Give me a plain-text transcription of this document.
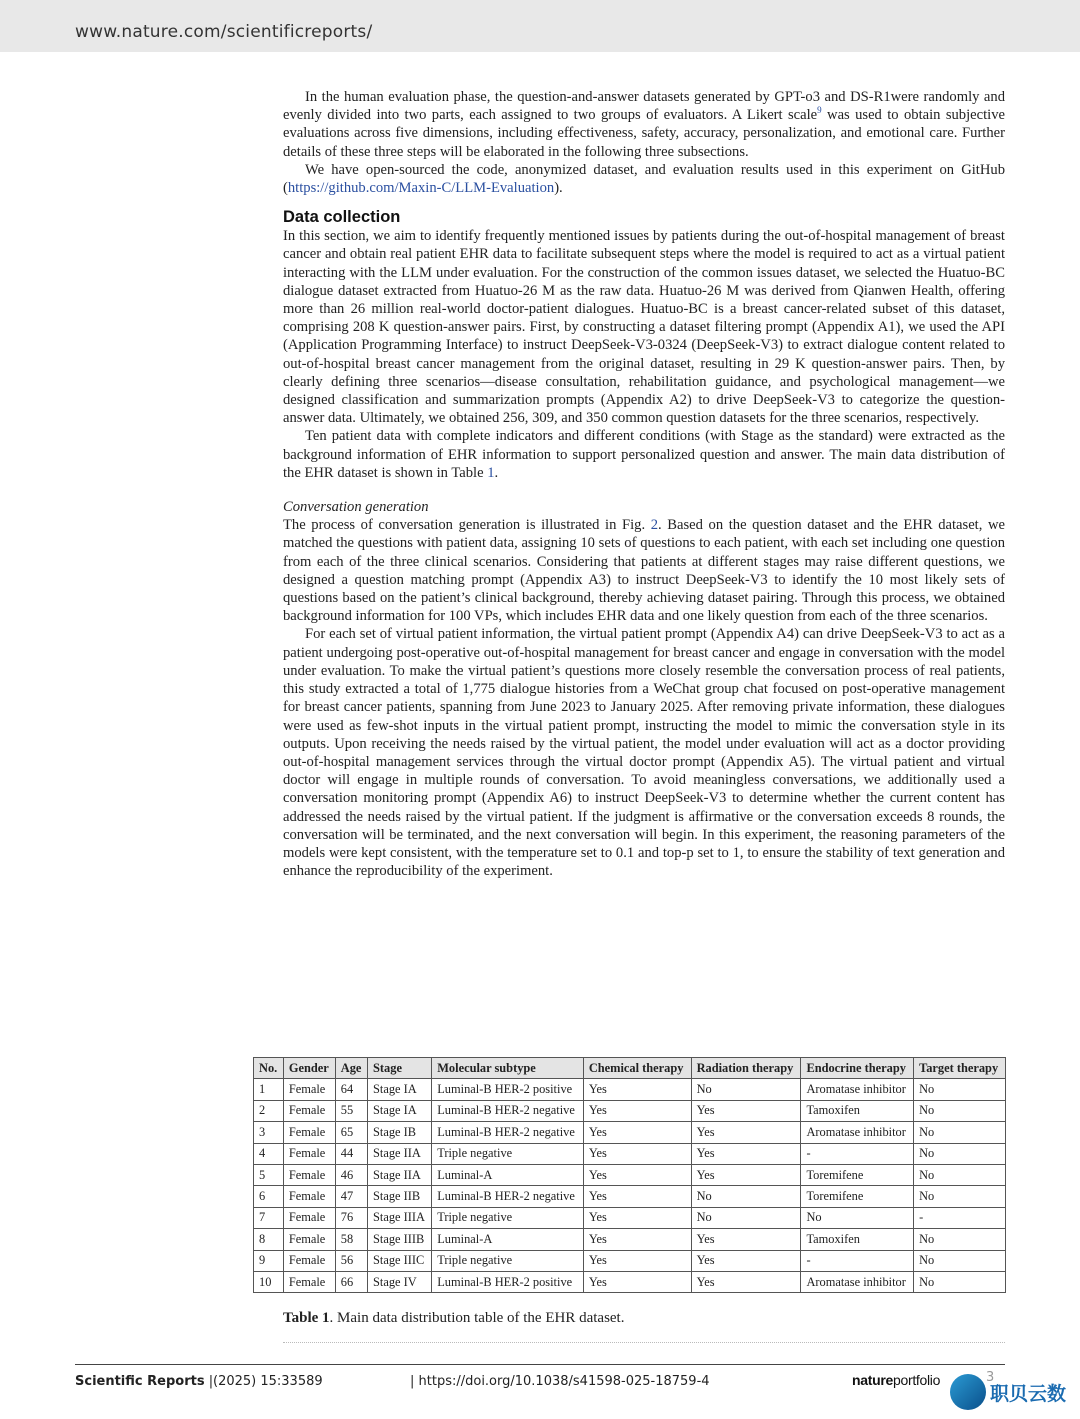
www.nature.com/scientificreports/

In the human evaluation phase, the question-and-answer datasets generated by GPT-o3 and DS-R1were randomly and evenly divided into two parts, each assigned to two groups of evaluators. A Likert scale$^9$ was used to obtain subjective evaluations across five dimensions, including effectiveness, safety, accuracy, personalization, and emotional care. Further details of these three steps will be elaborated in the following three subsections.

We have open-sourced the code, anonymized dataset, and evaluation results used in this experiment on GitHub (https://github.com/Maxin-C/LLM-Evaluation).

Data collection

In this section, we aim to identify frequently mentioned issues by patients during the out-of-hospital management of breast cancer and obtain real patient EHR data to facilitate subsequent steps where the model is required to act as a virtual patient interacting with the LLM under evaluation. For the construction of the common issues dataset, we selected the Huatuo-BC dialogue dataset extracted from Huatuo-26 M as the raw data. Huatuo-26 M was derived from Qianwen Health, offering more than 26 million real-world doctor-patient dialogues. Huatuo-BC is a breast cancer-related subset of this dataset, comprising 208 K question-answer pairs. First, by constructing a dataset filtering prompt (Appendix A1), we used the API (Application Programming Interface) to instruct DeepSeek-V3-0324 (DeepSeek-V3) to extract dialogue content related to out-of-hospital breast cancer management from the original dataset, resulting in 29 K question-answer pairs. Then, by clearly defining three scenarios—disease consultation, rehabilitation guidance, and psychological management—we designed classification and summarization prompts (Appendix A2) to drive DeepSeek-V3 to categorize the question-answer data. Ultimately, we obtained 256, 309, and 350 common question datasets for the three scenarios, respectively.

Ten patient data with complete indicators and different conditions (with Stage as the standard) were extracted as the background information of EHR information to support personalized question and answer. The main data distribution of the EHR dataset is shown in Table 1.

Conversation generation

The process of conversation generation is illustrated in Fig. 2. Based on the question dataset and the EHR dataset, we matched the questions with patient data, assigning 10 sets of questions to each patient, with each set including one question from each of the three clinical scenarios. Considering that patients at different stages may raise different questions, we designed a question matching prompt (Appendix A3) to instruct DeepSeek-V3 to identify the 10 most likely sets of questions based on the patient’s clinical background, thereby achieving dataset pairing. Through this process, we obtained background information for 100 VPs, which includes EHR data and one likely question from each of the three scenarios.

For each set of virtual patient information, the virtual patient prompt (Appendix A4) can drive DeepSeek-V3 to act as a patient undergoing post-operative out-of-hospital management for breast cancer and engage in conversation with the model under evaluation. To make the virtual patient’s questions more closely resemble the conversation process of real patients, this study extracted a total of 1,775 dialogue histories from a WeChat group chat focused on post-operative management for breast cancer patients, spanning from June 2023 to January 2025. After removing private information, these dialogues were used as few-shot inputs in the virtual patient prompt, instructing the model to mimic the conversation style in its outputs. Upon receiving the needs raised by the virtual patient, the model under evaluation will act as a doctor providing out-of-hospital management services through the virtual doctor prompt (Appendix A5). The virtual patient and virtual doctor will engage in multiple rounds of conversation. To avoid meaningless conversations, we additionally used a conversation monitoring prompt (Appendix A6) to instruct DeepSeek-V3 to determine whether the current content has addressed the needs raised by the virtual patient. If the judgment is affirmative or the conversation exceeds 8 rounds, the conversation will be terminated, and the next conversation will begin. In this experiment, the reasoning parameters of the models were kept consistent, with the temperature set to 0.1 and top-p set to 1, to ensure the stability of text generation and enhance the reproducibility of the experiment.

No.	Gender	Age	Stage	Molecular subtype	Chemical therapy	Radiation therapy	Endocrine therapy	Target therapy
1	Female	64	Stage IA	Luminal-B HER-2 positive	Yes	No	Aromatase inhibitor	No
2	Female	55	Stage IA	Luminal-B HER-2 negative	Yes	Yes	Tamoxifen	No
3	Female	65	Stage IB	Luminal-B HER-2 negative	Yes	Yes	Aromatase inhibitor	No
4	Female	44	Stage IIA	Triple negative	Yes	Yes	-	No
5	Female	46	Stage IIA	Luminal-A	Yes	Yes	Toremifene	No
6	Female	47	Stage IIB	Luminal-B HER-2 negative	Yes	No	Toremifene	No
7	Female	76	Stage IIIA	Triple negative	Yes	No	No	-
8	Female	58	Stage IIIB	Luminal-A	Yes	Yes	Tamoxifen	No
9	Female	56	Stage IIIC	Triple negative	Yes	Yes	-	No
10	Female	66	Stage IV	Luminal-B HER-2 positive	Yes	Yes	Aromatase inhibitor	No
Table 1. Main data distribution table of the EHR dataset.
Scientific Reports | (2025) 15:33589	| https://doi.org/10.1038/s41598-025-18759-4	natureportfolio	3
职贝云数
